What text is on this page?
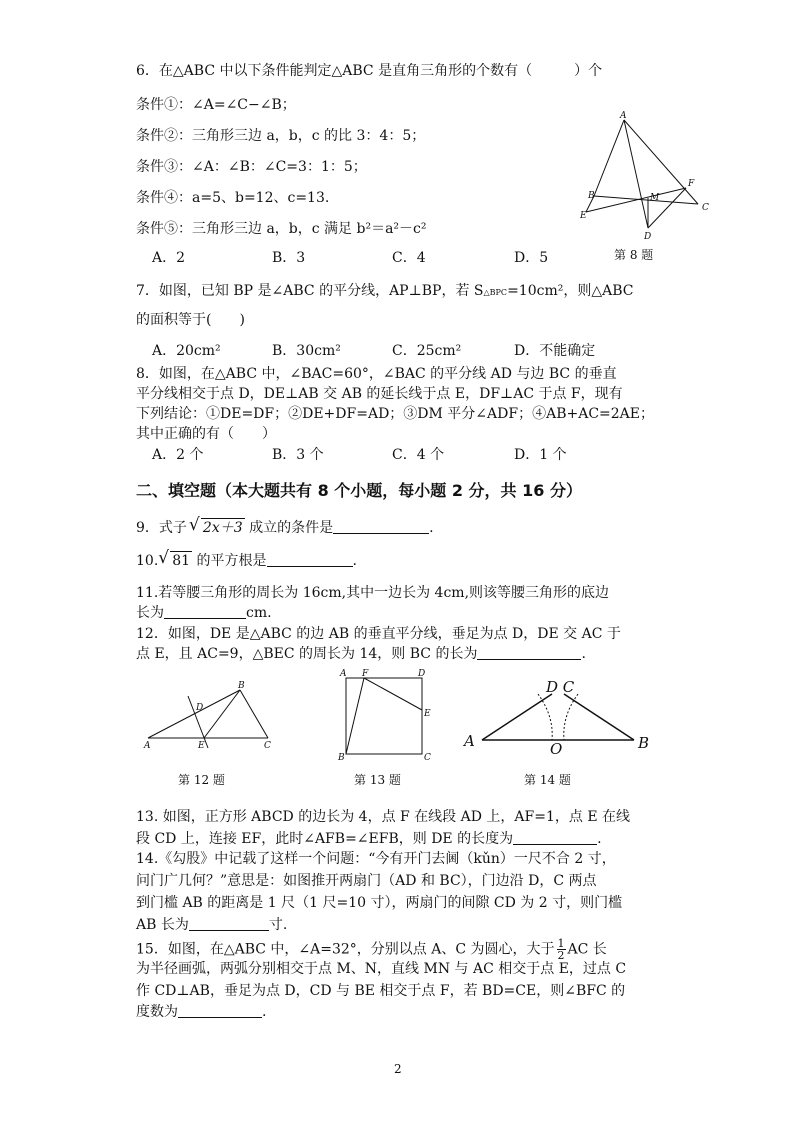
6．在△ABC 中以下条件能判定△ABC 是直角三角形的个数有（　　　）个
条件①：∠A=∠C−∠B；
条件②：三角形三边 a，b，c 的比 3：4：5；
条件③：∠A：∠B：∠C=3：1：5；
条件④：a=5、b=12、c=13.
条件⑤：三角形三边 a，b，c 满足 b²＝a²－c²
A．2	B．3	C．4	D．5
A
B	M
F
C
E
D
第 8 题
7．如图，已知 BP 是∠ABC 的平分线，AP⊥BP，若 S△BPC=10cm²，则△ABC
的面积等于(　　)
A．20cm²	B．30cm²	C．25cm²	D．不能确定
8．如图，在△ABC 中，∠BAC=60°，∠BAC 的平分线 AD 与边 BC 的垂直
平分线相交于点 D，DE⊥AB 交 AB 的延长线于点 E，DF⊥AC 于点 F，现有
下列结论：①DE=DF；②DE+DF=AD；③DM 平分∠ADF；④AB+AC=2AE；
其中正确的有（　　）
A．2 个	B．3 个	C．4 个	D．1 个
二、填空题（本大题共有 8 个小题，每小题 2 分，共 16 分）
9．式子 √ 2x＋3 成立的条件是	.
10. √ 81 的平方根是	.
11.若等腰三角形的周长为 16cm,其中一边长为 4cm,则该等腰三角形的底边
长为	cm.
12．如图，DE 是△ABC 的边 AB 的垂直平分线，垂足为点 D，DE 交 AC 于
点 E，且 AC=9，△BEC 的周长为 14，则 BC 的长为	.
A
B
C
D
E
第 12 题
A F	D
E
B	C
第 13 题
A	B
O
D C
第 14 题
13. 如图，正方形 ABCD 的边长为 4，点 F 在线段 AD 上，AF=1，点 E 在线
段 CD 上，连接 EF，此时∠AFB=∠EFB，则 DE 的长度为	.
14.《勾股》中记载了这样一个问题：“今有开门去阃（kǔn）一尺不合 2 寸，
问门广几何？”意思是：如图推开两扇门（AD 和 BC），门边沿 D，C 两点
到门槛 AB 的距离是 1 尺（1 尺=10 寸），两扇门的间隙 CD 为 2 寸，则门槛
AB 长为	寸.
15．如图，在△ABC 中，∠A=32°，分别以点 A、C 为圆心，大于 $\frac{1}{2}$ AC 长
为半径画弧，两弧分别相交于点 M、N，直线 MN 与 AC 相交于点 E，过点 C
作 CD⊥AB，垂足为点 D，CD 与 BE 相交于点 F，若 BD=CE，则∠BFC 的
度数为	.
2
